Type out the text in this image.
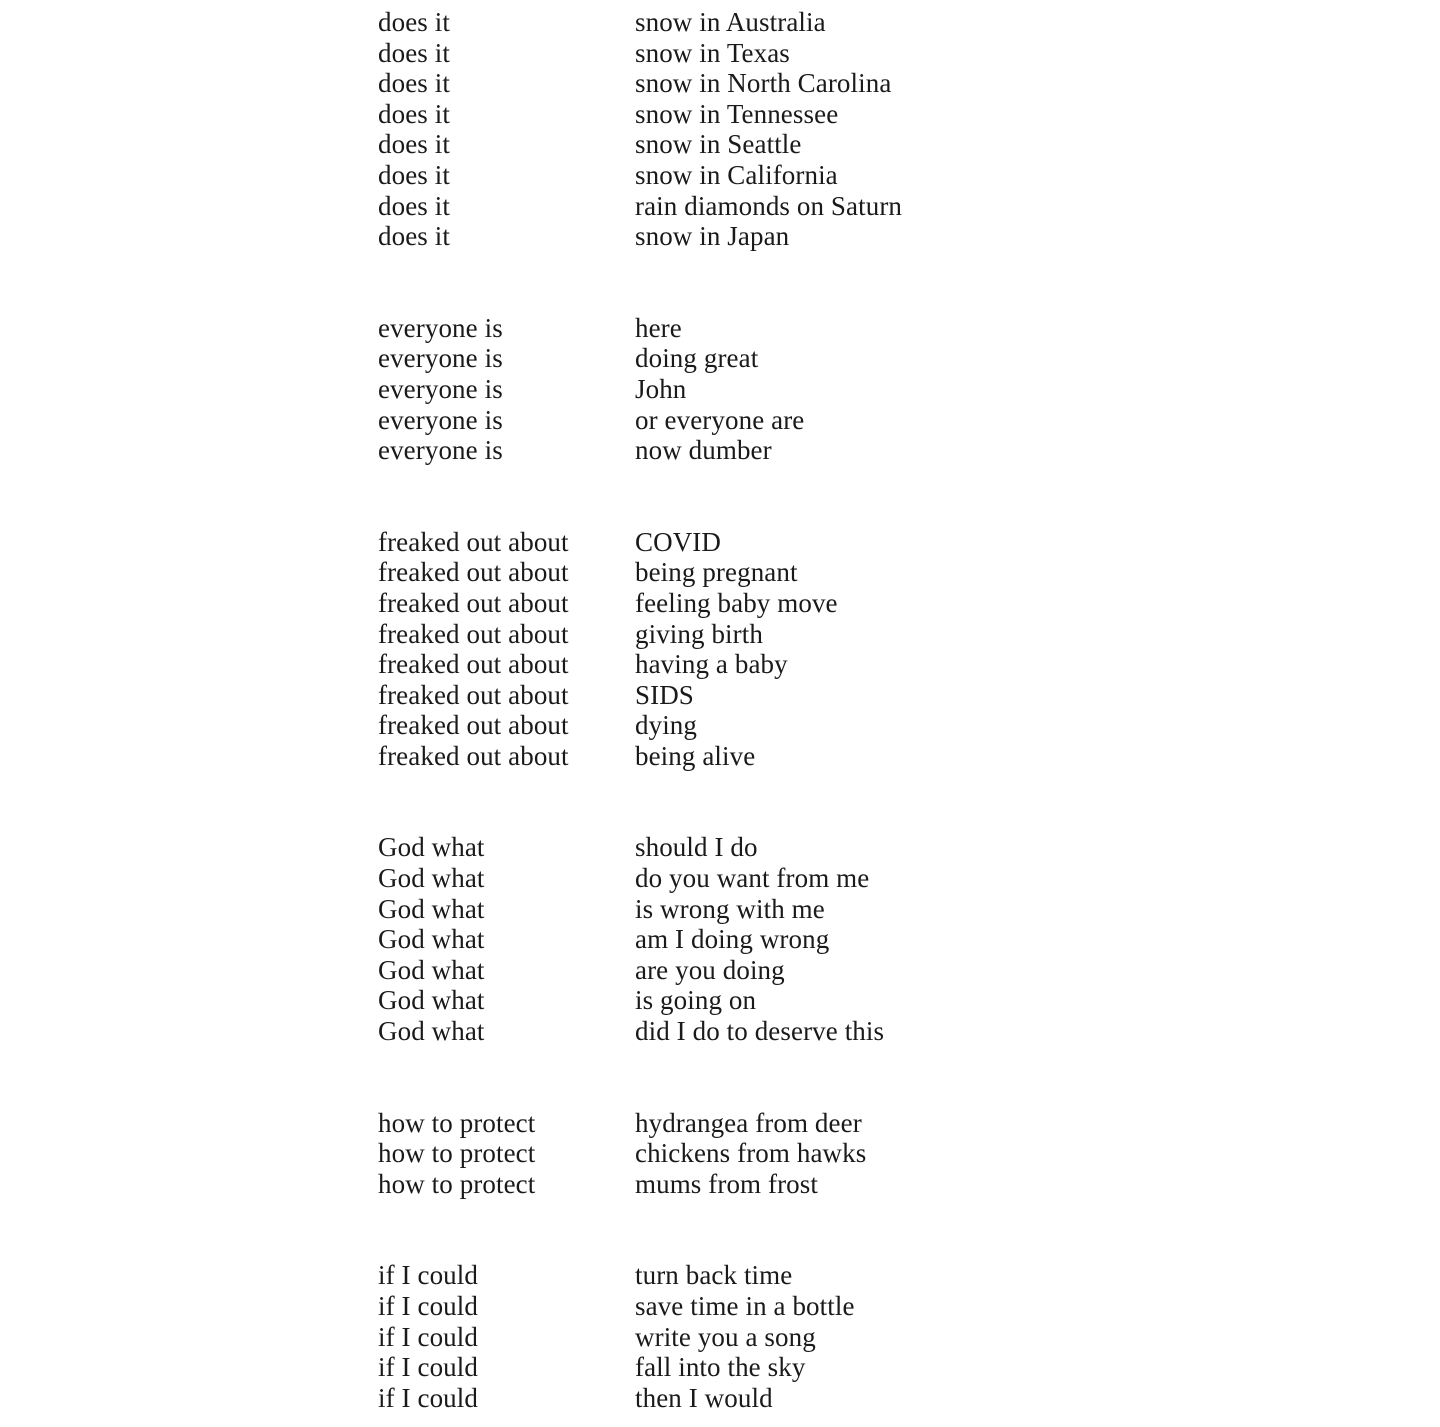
does it	snow in Australia
does it	snow in Texas
does it	snow in North Carolina
does it	snow in Tennessee
does it	snow in Seattle
does it	snow in California
does it	rain diamonds on Saturn
does it	snow in Japan
everyone is	here
everyone is	doing great
everyone is	John
everyone is	or everyone are
everyone is	now dumber
freaked out about	COVID
freaked out about	being pregnant
freaked out about	feeling baby move
freaked out about	giving birth
freaked out about	having a baby
freaked out about	SIDS
freaked out about	dying
freaked out about	being alive
God what	should I do
God what	do you want from me
God what	is wrong with me
God what	am I doing wrong
God what	are you doing
God what	is going on
God what	did I do to deserve this
how to protect	hydrangea from deer
how to protect	chickens from hawks
how to protect	mums from frost
if I could	turn back time
if I could	save time in a bottle
if I could	write you a song
if I could	fall into the sky
if I could	then I would
